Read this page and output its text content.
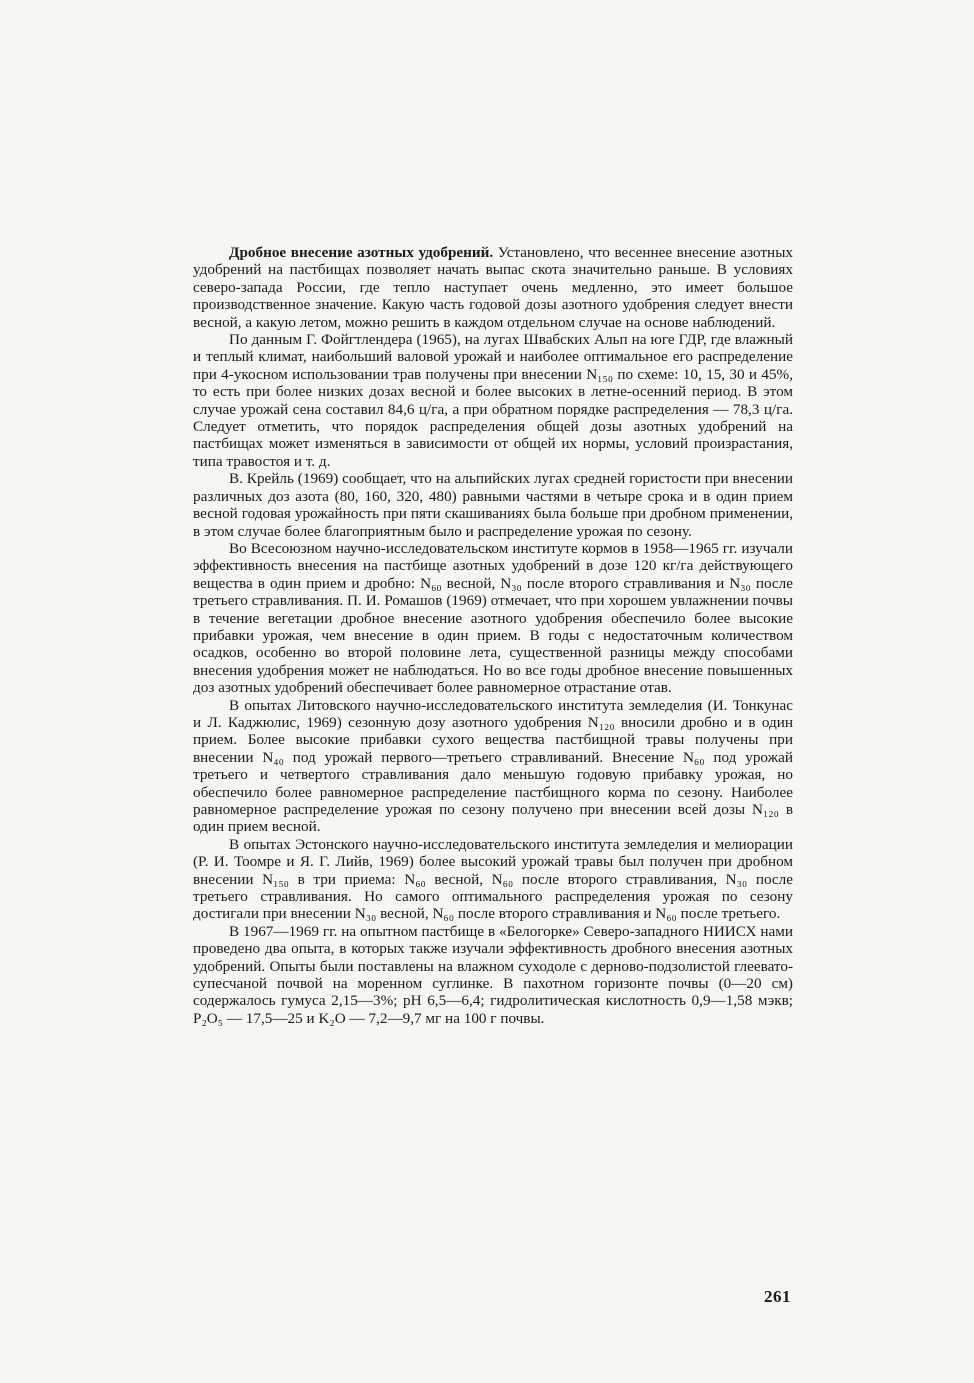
Дробное внесение азотных удобрений. Установлено, что весеннее внесение азотных удобрений на пастбищах позволяет начать выпас скота значительно раньше. В условиях северо-запада России, где тепло наступает очень медленно, это имеет большое производственное значение. Какую часть годовой дозы азотного удобрения следует внести весной, а какую летом, можно решить в каждом отдельном случае на основе наблюдений.

По данным Г. Фойгтлендера (1965), на лугах Швабских Альп на юге ГДР, где влажный и теплый климат, наибольший валовой урожай и наиболее оптимальное его распределение при 4-укосном использовании трав получены при внесении N₁₅₀ по схеме: 10, 15, 30 и 45%, то есть при более низких дозах весной и более высоких в летне-осенний период. В этом случае урожай сена составил 84,6 ц/га, а при обратном порядке распределения — 78,3 ц/га. Следует отметить, что порядок распределения общей дозы азотных удобрений на пастбищах может изменяться в зависимости от общей их нормы, условий произрастания, типа травостоя и т. д.

В. Крейль (1969) сообщает, что на альпийских лугах средней гористости при внесении различных доз азота (80, 160, 320, 480) равными частями в четыре срока и в один прием весной годовая урожайность при пяти скашиваниях была больше при дробном применении, в этом случае более благоприятным было и распределение урожая по сезону.

Во Всесоюзном научно-исследовательском институте кормов в 1958—1965 гг. изучали эффективность внесения на пастбище азотных удобрений в дозе 120 кг/га действующего вещества в один прием и дробно: N₆₀ весной, N₃₀ после второго стравливания и N₃₀ после третьего стравливания. П. И. Ромашов (1969) отмечает, что при хорошем увлажнении почвы в течение вегетации дробное внесение азотного удобрения обеспечило более высокие прибавки урожая, чем внесение в один прием. В годы с недостаточным количеством осадков, особенно во второй половине лета, существенной разницы между способами внесения удобрения может не наблюдаться. Но во все годы дробное внесение повышенных доз азотных удобрений обеспечивает более равномерное отрастание отав.

В опытах Литовского научно-исследовательского института земледелия (И. Тонкунас и Л. Каджюлис, 1969) сезонную дозу азотного удобрения N₁₂₀ вносили дробно и в один прием. Более высокие прибавки сухого вещества пастбищной травы получены при внесении N₄₀ под урожай первого—третьего стравливаний. Внесение N₆₀ под урожай третьего и четвертого стравливания дало меньшую годовую прибавку урожая, но обеспечило более равномерное распределение пастбищного корма по сезону. Наиболее равномерное распределение урожая по сезону получено при внесении всей дозы N₁₂₀ в один прием весной.

В опытах Эстонского научно-исследовательского института земледелия и мелиорации (Р. И. Тоомре и Я. Г. Лийв, 1969) более высокий урожай травы был получен при дробном внесении N₁₅₀ в три приема: N₆₀ весной, N₆₀ после второго стравливания, N₃₀ после третьего стравливания. Но самого оптимального распределения урожая по сезону достигали при внесении N₃₀ весной, N₆₀ после второго стравливания и N₆₀ после третьего.

В 1967—1969 гг. на опытном пастбище в «Белогорке» Северо-западного НИИСХ нами проведено два опыта, в которых также изучали эффективность дробного внесения азотных удобрений. Опыты были поставлены на влажном суходоле с дерново-подзолистой глеевато-супесчаной почвой на моренном суглинке. В пахотном горизонте почвы (0—20 см) содержалось гумуса 2,15—3%; pH 6,5—6,4; гидролитическая кислотность 0,9—1,58 мэкв; P₂O₅ — 17,5—25 и K₂O — 7,2—9,7 мг на 100 г почвы.

261
